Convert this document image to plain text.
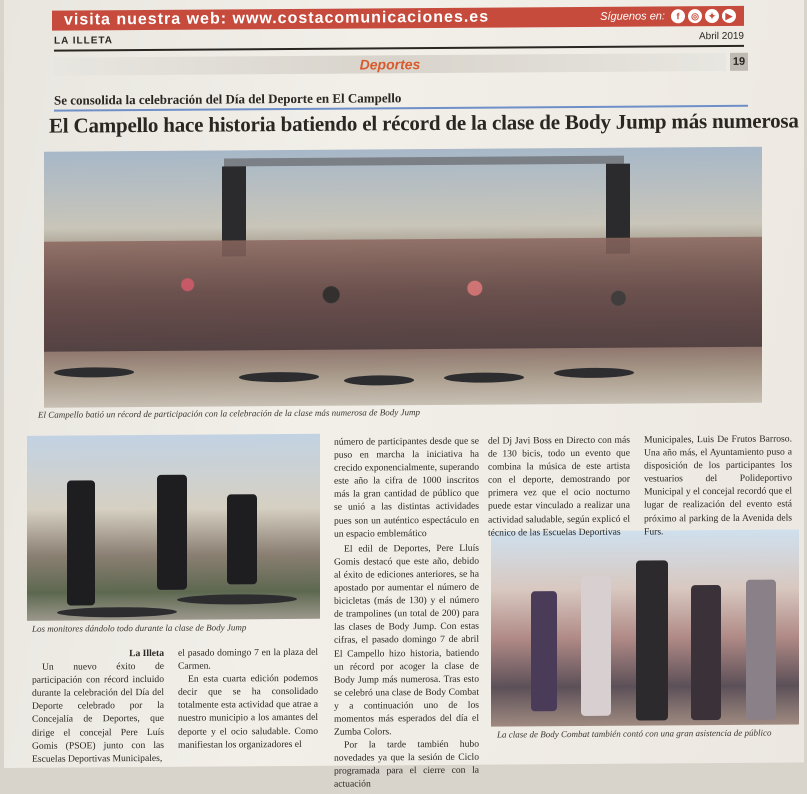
visita nuestra web: www.costacomunicaciones.es	Síguenos en:	f	◎	✦	▶
LA ILLETA	Abril 2019
Deportes	19
Se consolida la celebración del Día del Deporte en El Campello
El Campello hace historia batiendo el récord de la clase de Body Jump más numerosa
El Campello batió un récord de participación con la celebración de la clase más numerosa de Body Jump
Los monitores dándolo todo durante la clase de Body Jump
La clase de Body Combat también contó con una gran asistencia de público

La Illeta

Un nuevo éxito de participación con récord incluido durante la celebración del Día del Deporte celebrado por la Concejalía de Deportes, que dirige el concejal Pere Luís Gomis (PSOE) junto con las Escuelas Deportivas Municipales,

el pasado domingo 7 en la plaza del Carmen.

En esta cuarta edición podemos decir que se ha consolidado totalmente esta actividad que atrae a nuestro municipio a los amantes del deporte y el ocio saludable. Como manifiestan los organizadores el

número de participantes desde que se puso en marcha la iniciativa ha crecido exponencialmente, superando este año la cifra de 1000 inscritos más la gran cantidad de público que se unió a las distintas actividades pues son un auténtico espectáculo en un espacio emblemático

El edil de Deportes, Pere Lluís Gomis destacó que este año, debido al éxito de ediciones anteriores, se ha apostado por aumentar el número de bicicletas (más de 130) y el número de trampolines (un total de 200) para las clases de Body Jump. Con estas cifras, el pasado domingo 7 de abril El Campello hizo historia, batiendo un récord por acoger la clase de Body Jump más numerosa. Tras esto se celebró una clase de Body Combat y a continuación uno de los momentos más esperados del día el Zumba Colors.

Por la tarde también hubo novedades ya que la sesión de Ciclo programada para el cierre con la actuación

del Dj Javi Boss en Directo con más de 130 bicis, todo un evento que combina la música de este artista con el deporte, demostrando por primera vez que el ocio nocturno puede estar vinculado a realizar una actividad saludable, según explicó el técnico de las Escuelas Deportivas

Municipales, Luis De Frutos Barroso. Una año más, el Ayuntamiento puso a disposición de los participantes los vestuarios del Polideportivo Municipal y el concejal recordó que el lugar de realización del evento está próximo al parking de la Avenida dels Furs.
